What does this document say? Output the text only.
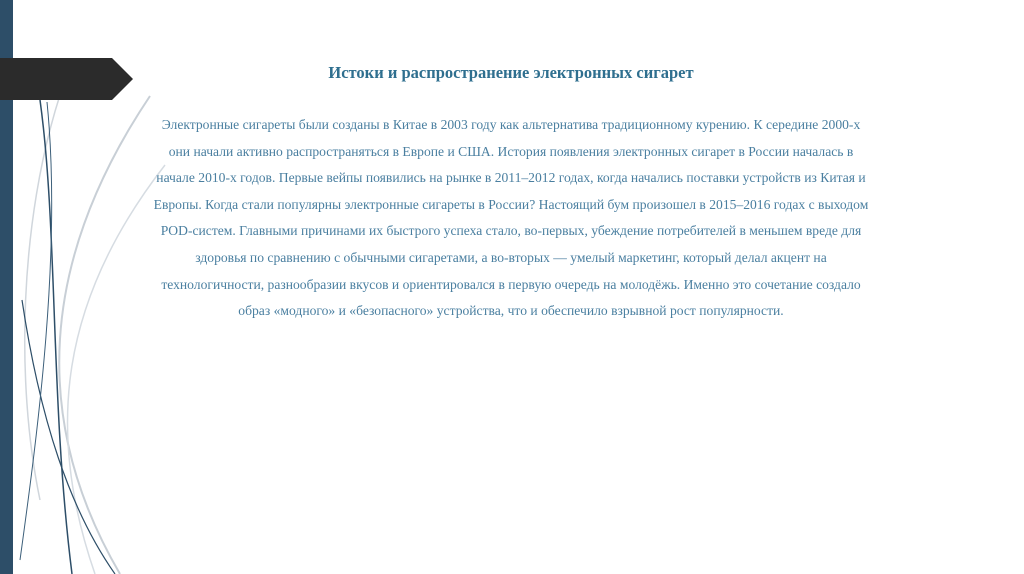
Истоки и распространение электронных сигарет

Электронные сигареты были созданы в Китае в 2003 году как альтернатива традиционному курению. К середине 2000-х они начали активно распространяться в Европе и США. История появления электронных сигарет в России началась в начале 2010-х годов. Первые вейпы появились на рынке в 2011–2012 годах, когда начались поставки устройств из Китая и Европы. Когда стали популярны электронные сигареты в России? Настоящий бум произошел в 2015–2016 годах с выходом POD-систем. Главными причинами их быстрого успеха стало, во-первых, убеждение потребителей в меньшем вреде для здоровья по сравнению с обычными сигаретами, а во-вторых — умелый маркетинг, который делал акцент на технологичности, разнообразии вкусов и ориентировался в первую очередь на молодёжь. Именно это сочетание создало образ «модного» и «безопасного» устройства, что и обеспечило взрывной рост популярности.
